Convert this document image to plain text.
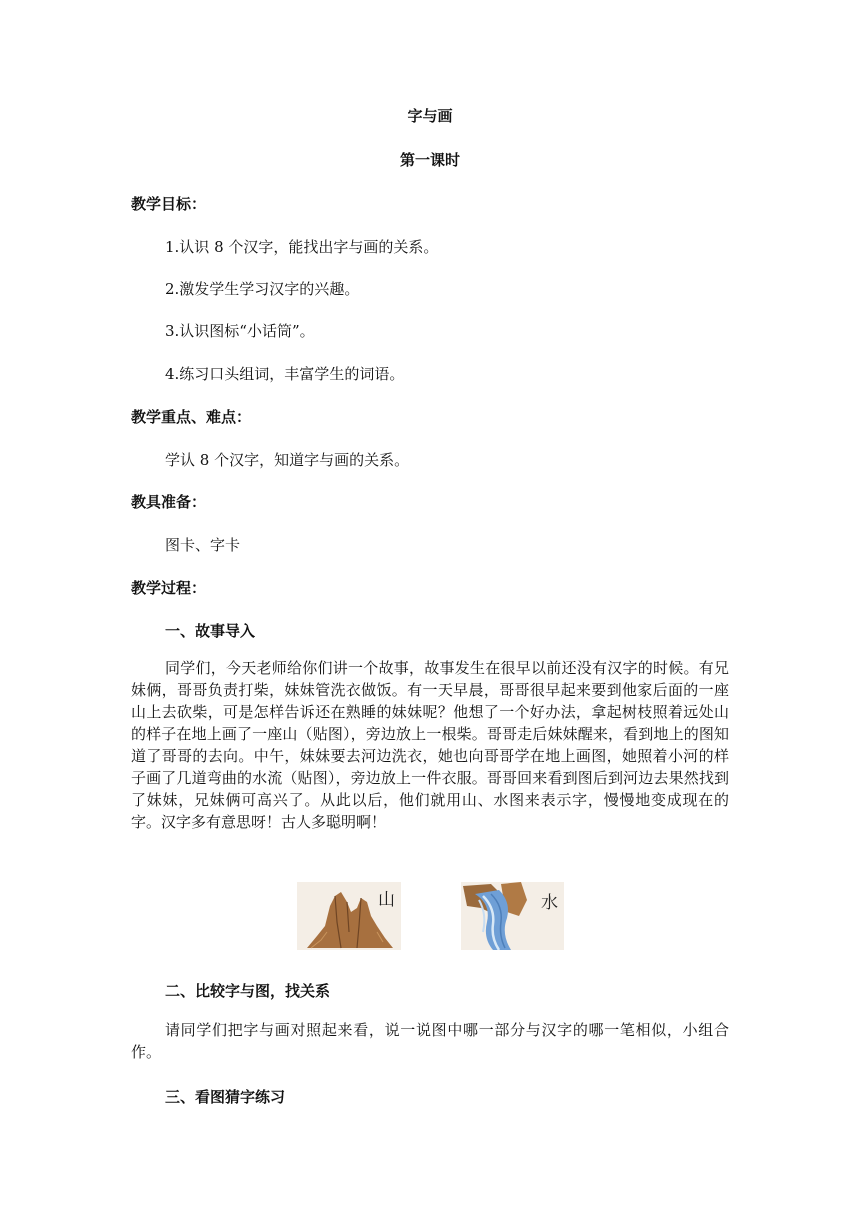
字与画
第一课时
教学目标：
1.认识 8 个汉字，能找出字与画的关系。
2.激发学生学习汉字的兴趣。
3.认识图标“小话筒”。
4.练习口头组词，丰富学生的词语。
教学重点、难点：
学认 8 个汉字，知道字与画的关系。
教具准备：
图卡、字卡
教学过程：
一、故事导入
同学们，今天老师给你们讲一个故事，故事发生在很早以前还没有汉字的时候。有兄妹俩，哥哥负责打柴，妹妹管洗衣做饭。有一天早晨，哥哥很早起来要到他家后面的一座山上去砍柴，可是怎样告诉还在熟睡的妹妹呢？他想了一个好办法，拿起树枝照着远处山的样子在地上画了一座山（贴图），旁边放上一根柴。哥哥走后妹妹醒来，看到地上的图知道了哥哥的去向。中午，妹妹要去河边洗衣，她也向哥哥学在地上画图，她照着小河的样子画了几道弯曲的水流（贴图），旁边放上一件衣服。哥哥回来看到图后到河边去果然找到了妹妹，兄妹俩可高兴了。从此以后，他们就用山、水图来表示字，慢慢地变成现在的字。汉字多有意思呀！古人多聪明啊！
山	水
二、比较字与图，找关系
请同学们把字与画对照起来看，说一说图中哪一部分与汉字的哪一笔相似，小组合作。
三、看图猜字练习
